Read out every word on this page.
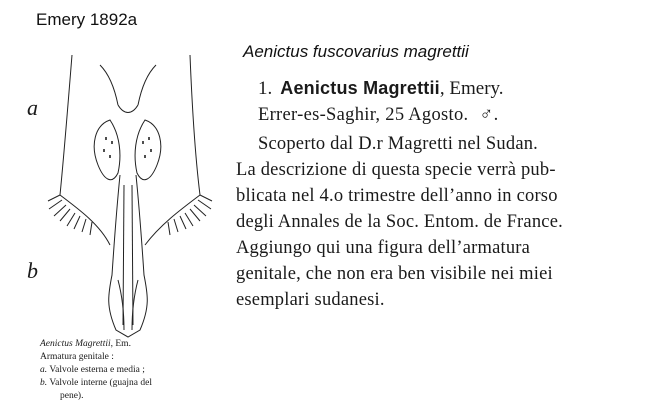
Emery 1892a
Aenictus fuscovarius magrettii
1. Aenictus Magrettii, Emery.
Errer-es-Saghir, 25 Agosto. ♂.
Scoperto dal D.r Magretti nel Sudan.
La descrizione di questa specie verrà pub-
blicata nel 4.o trimestre dell’anno in corso
degli Annales de la Soc. Entom. de France.
Aggiungo qui una figura dell’armatura
genitale, che non era ben visibile nei miei
esemplari sudanesi.
a
b
Aenictus Magrettii, Em.
Armatura genitale :
a. Valvole esterna e media ;
b. Valvole interne (guajna del
pene).
